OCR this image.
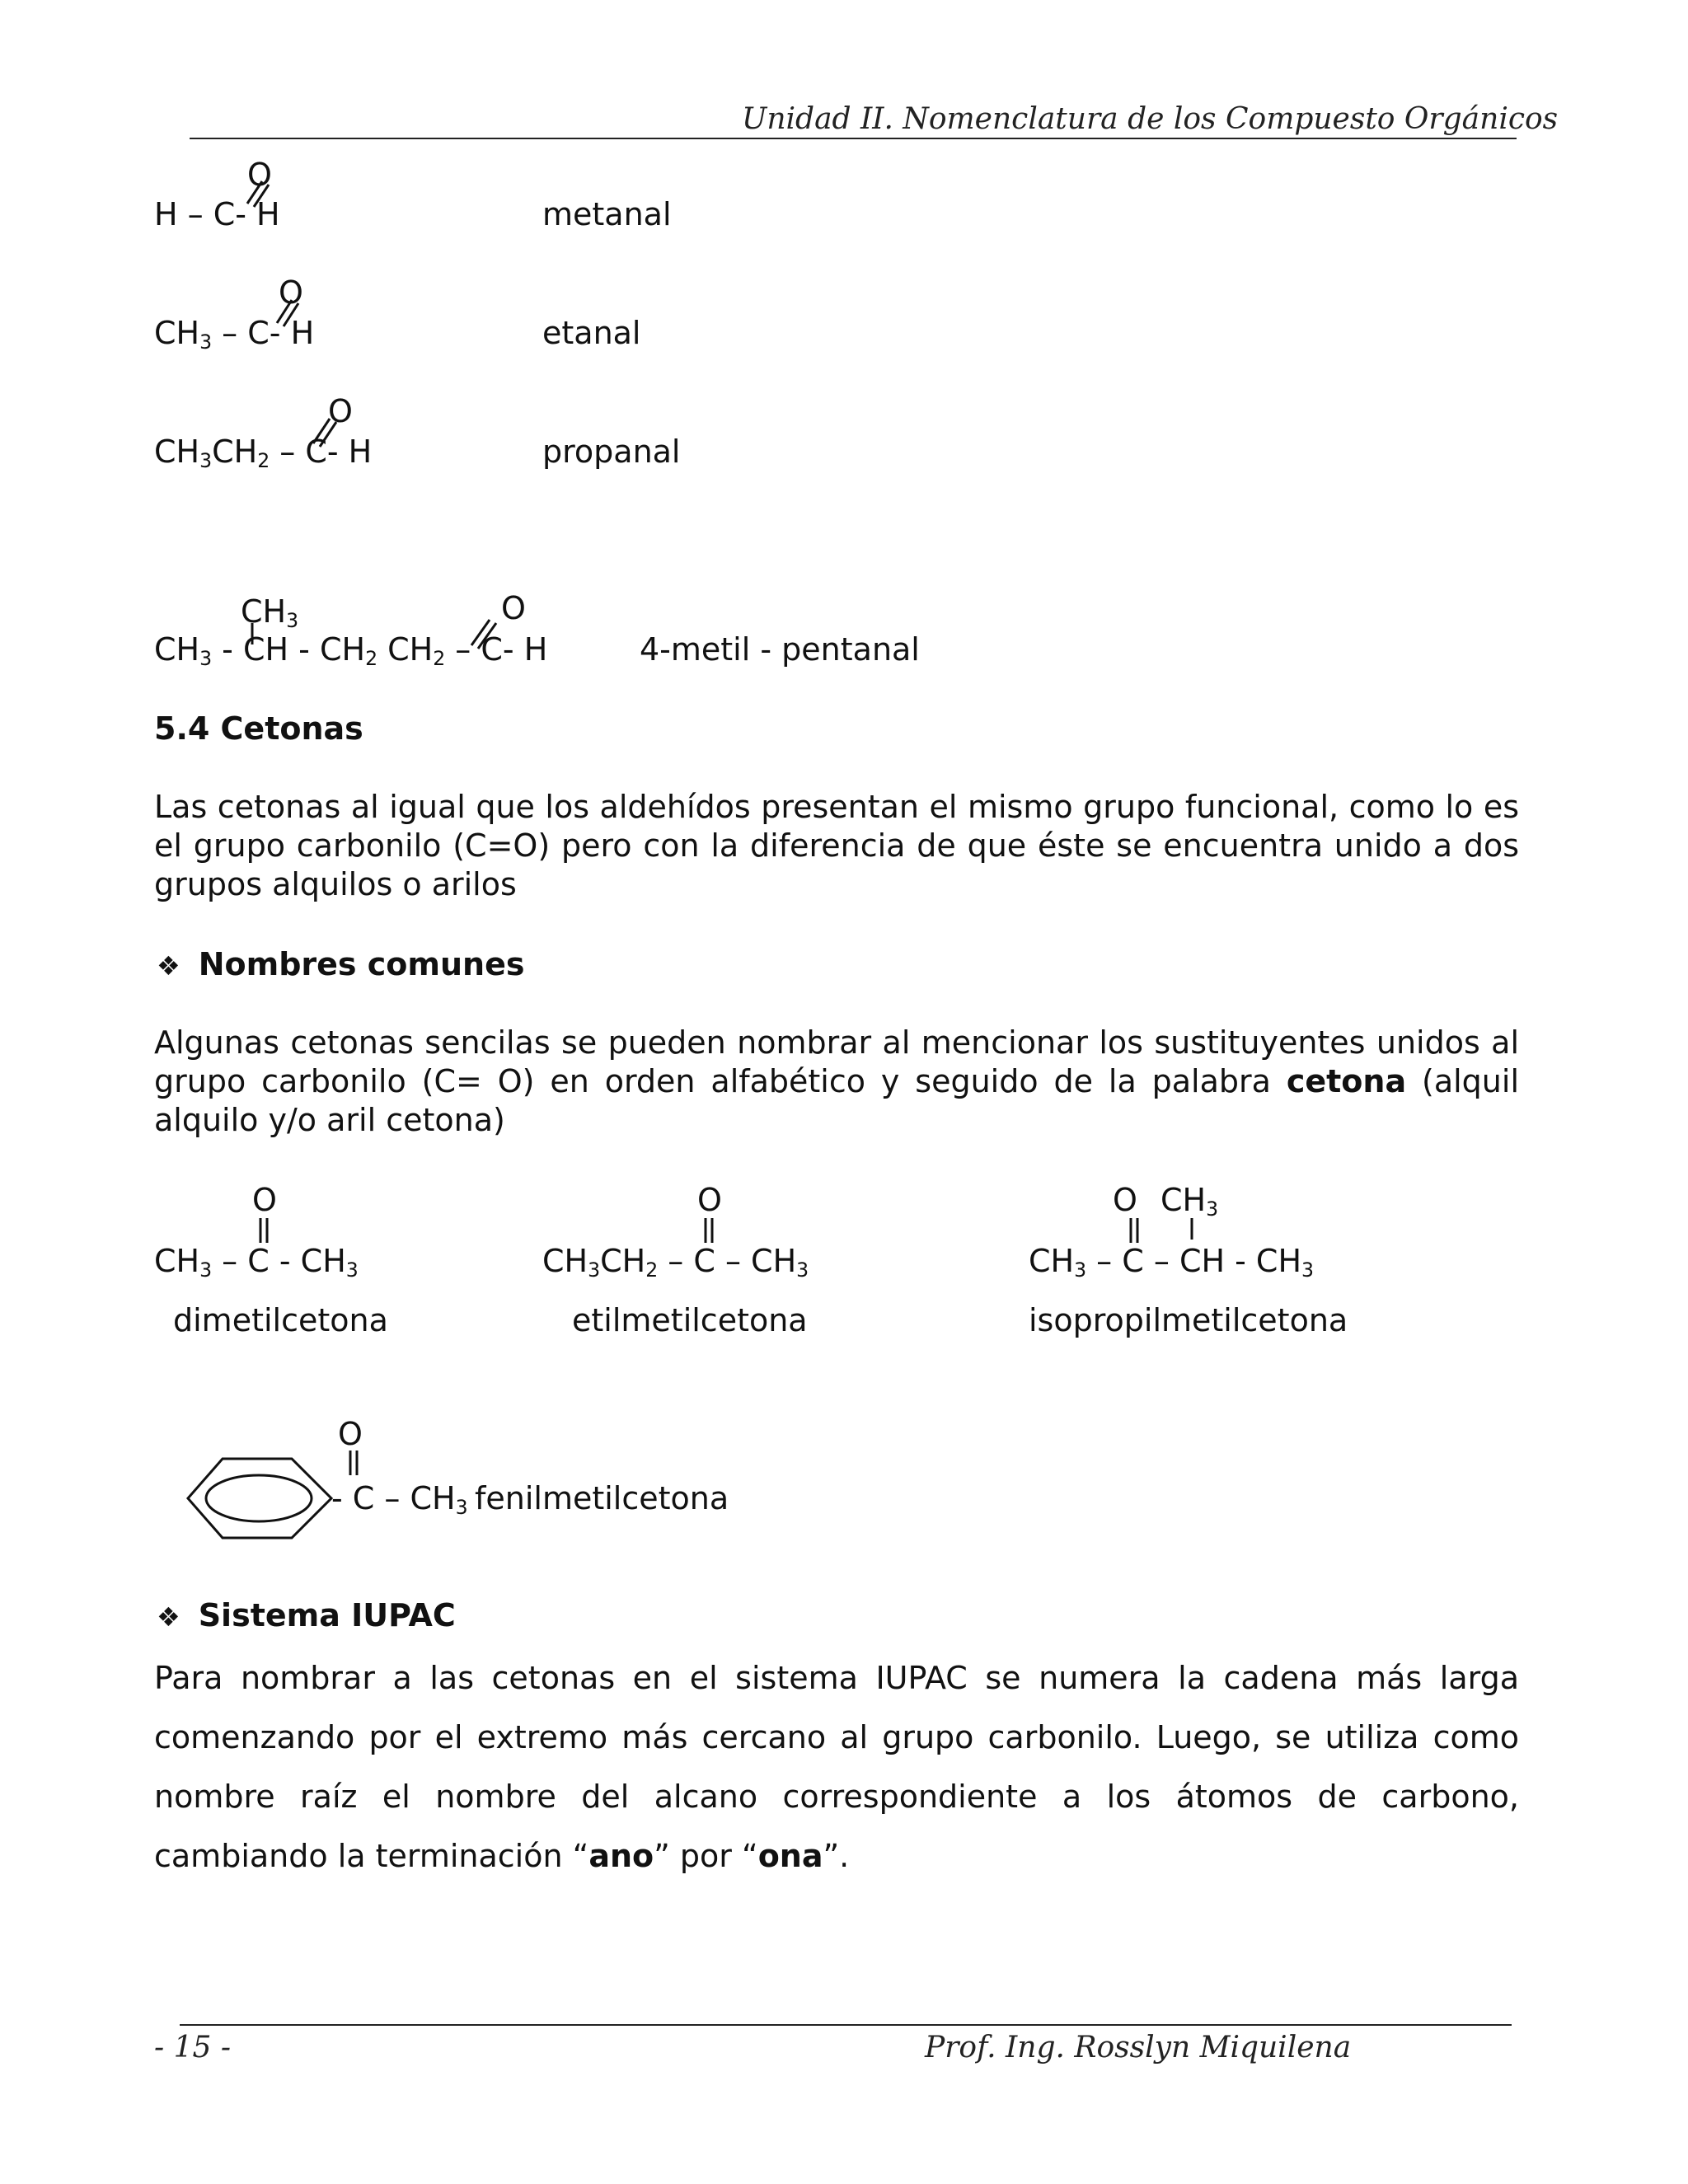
Unidad II. Nomenclatura de los Compuesto Orgánicos
H – C- H
O
metanal
$CH_3 - C-$ H
O
etanal
$CH_3CH_2 - C-$ H
O
propanal
$CH_3$	O
$CH_3$ - CH - $CH_2$ $CH_2 - C-$ H	4-metil - pentanal
5.4 Cetonas
Las cetonas al igual que los aldehídos presentan el mismo grupo funcional, como lo es el grupo carbonilo (C=O) pero con la diferencia de que éste se encuentra unido a dos grupos alquilos o arilos
❖ Nombres comunes
Algunas cetonas sencilas se pueden nombrar al mencionar los sustituyentes unidos al grupo carbonilo (C= O) en orden alfabético y seguido de la palabra cetona (alquil alquilo y/o aril cetona)
O
$CH_3$ – C - $CH_3$
dimetilcetona
O
$CH_3CH_2$ – C – $CH_3$
etilmetilcetona
O $CH_3$
$CH_3$ – C – CH - $CH_3$
isopropilmetilcetona
O
- C – $CH_3$ fenilmetilcetona
❖ Sistema IUPAC
Para nombrar a las cetonas en el sistema IUPAC se numera la cadena más larga comenzando por el extremo más cercano al grupo carbonilo. Luego, se utiliza como nombre raíz el nombre del alcano correspondiente a los átomos de carbono, cambiando la terminación “ano” por “ona”.
- 15 -	Prof. Ing. Rosslyn Miquilena
